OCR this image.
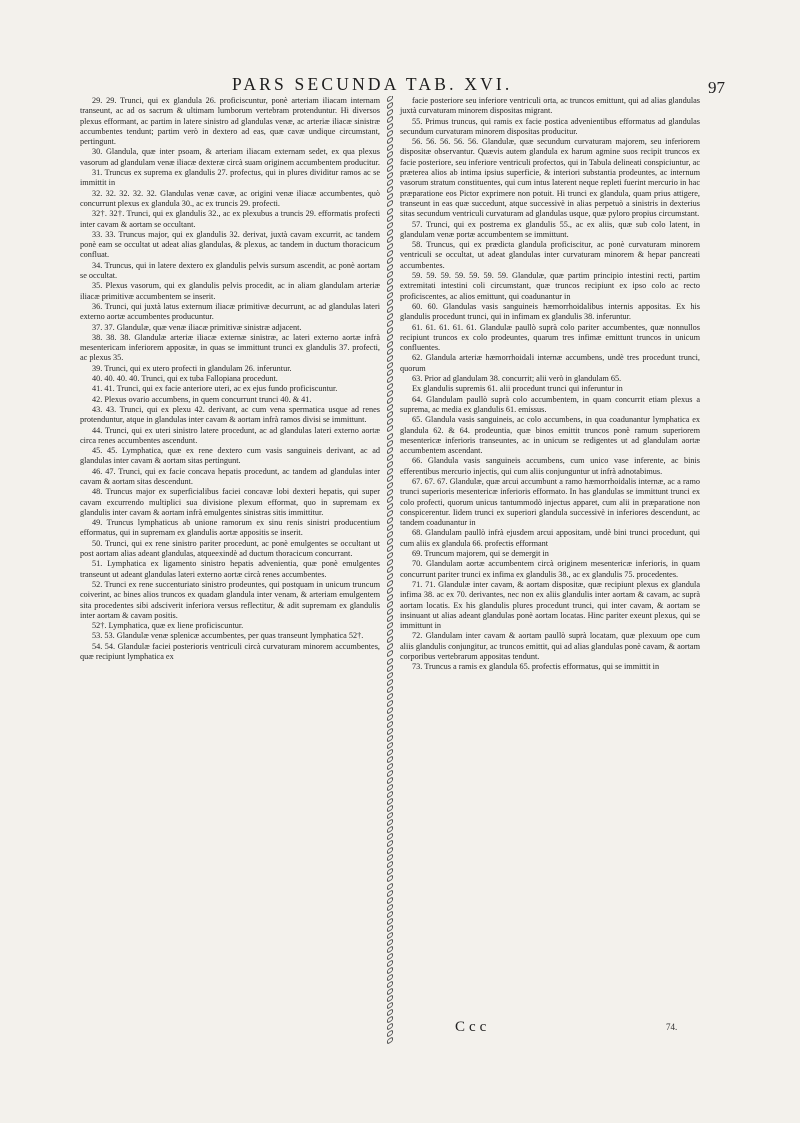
PARS SECUNDA TAB. XVI.	97

29. 29. Trunci, qui ex glandula 26. proficiscuntur, ponè arteriam iliacam internam transeunt, ac ad os sacrum & ultimam lumborum vertebram protenduntur. Hi diversos plexus efformant, ac partim in latere sinistro ad glandulas venæ, ac arteriæ iliacæ sinistræ accumbentes tendunt; partim verò in dextero ad eas, quæ cavæ undique circumstant, pertingunt.

30. Glandula, quæ inter psoam, & arteriam iliacam externam sedet, ex qua plexus vasorum ad glandulam venæ iliacæ dexteræ circà suam originem accumbentem producitur.

31. Truncus ex suprema ex glandulis 27. profectus, qui in plures dividitur ramos ac se immittit in

32. 32. 32. 32. 32. Glandulas venæ cavæ, ac origini venæ iliacæ accumbentes, quò concurrunt plexus ex glandula 30., ac ex truncis 29. profecti.

32†. 32†. Trunci, qui ex glandulis 32., ac ex plexubus a truncis 29. efformatis profecti inter cavam & aortam se occultant.

33. 33. Truncus major, qui ex glandulis 32. derivat, juxtà cavam excurrit, ac tandem ponè eam se occultat ut adeat alias glandulas, & plexus, ac tandem in ductum thoracicum confluat.

34. Truncus, qui in latere dextero ex glandulis pelvis sursum ascendit, ac ponè aortam se occultat.

35. Plexus vasorum, qui ex glandulis pelvis procedit, ac in aliam glandulam arteriæ iliacæ primitivæ accumbentem se inserit.

36. Trunci, qui juxtà latus externum iliacæ primitivæ decurrunt, ac ad glandulas lateri externo aortæ accumbentes producuntur.

37. 37. Glandulæ, quæ venæ iliacæ primitivæ sinistræ adjacent.

38. 38. 38. Glandulæ arteriæ iliacæ externæ sinistræ, ac lateri externo aortæ infrà mesentericam inferiorem appositæ, in quas se immittunt trunci ex glandulis 37. profecti, ac plexus 35.

39. Trunci, qui ex utero profecti in glandulam 26. inferuntur.

40. 40. 40. 40. Trunci, qui ex tuba Fallopiana procedunt.

41. 41. Trunci, qui ex facie anteriore uteri, ac ex ejus fundo proficiscuntur.

42. Plexus ovario accumbens, in quem concurrunt trunci 40. & 41.

43. 43. Trunci, qui ex plexu 42. derivant, ac cum vena spermatica usque ad renes protenduntur, atque in glandulas inter cavam & aortam infrà ramos divisi se immittunt.

44. Trunci, qui ex uteri sinistro latere procedunt, ac ad glandulas lateri externo aortæ circa renes accumbentes ascendunt.

45. 45. Lymphatica, quæ ex rene dextero cum vasis sanguineis derivant, ac ad glandulas inter cavam & aortam sitas pertingunt.

46. 47. Trunci, qui ex facie concava hepatis procedunt, ac tandem ad glandulas inter cavam & aortam sitas descendunt.

48. Truncus major ex superficialibus faciei concavæ lobi dexteri hepatis, qui super cavam excurrendo multiplici sua divisione plexum efformat, quo in supremam ex glandulis inter cavam & aortam infrà emulgentes sinistras sitis immittitur.

49. Truncus lymphaticus ab unione ramorum ex sinu renis sinistri producentium efformatus, qui in supremam ex glandulis aortæ appositis se inserit.

50. Trunci, qui ex rene sinistro pariter procedunt, ac ponè emulgentes se occultant ut post aortam alias adeant glandulas, atqueexindè ad ductum thoracicum concurrant.

51. Lymphatica ex ligamento sinistro hepatis advenientia, quæ ponè emulgentes transeunt ut adeant glandulas lateri externo aortæ circà renes accumbentes.

52. Trunci ex rene succenturiato sinistro prodeuntes, qui postquam in unicum truncum coiverint, ac bines alios truncos ex quadam glandula inter venam, & arteriam emulgentem sita procedentes sibi adsciverit inferiora versus reflectitur, & adit supremam ex glandulis inter aortam & cavam positis.

52†. Lymphatica, quæ ex liene proficiscuntur.

53. 53. Glandulæ venæ splenicæ accumbentes, per quas transeunt lymphatica 52†.

54. 54. Glandulæ faciei posterioris ventriculi circà curvaturam minorem accumbentes, quæ recipiunt lymphatica ex

facie posteriore seu inferiore ventriculi orta, ac truncos emittunt, qui ad alias glandulas juxtà curvaturam minorem dispositas migrant.

55. Primus truncus, qui ramis ex facie postica advenientibus efformatus ad glandulas secundum curvaturam minorem dispositas producitur.

56. 56. 56. 56. 56. Glandulæ, quæ secundum curvaturam majorem, seu inferiorem dispositæ observantur. Quævis autem glandula ex harum agmine suos recipit truncos ex facie posteriore, seu inferiore ventriculi profectos, qui in Tabula delineati conspiciuntur, ac præterea alios ab intima ipsius superficie, & interiori substantia prodeuntes, ac internum vasorum stratum constituentes, qui cum intus laterent neque repleti fuerint mercurio in hac præparatione eos Pictor exprimere non potuit. Hi trunci ex glandula, quam prius attigere, transeunt in eas quæ succedunt, atque successivè in alias perpetuò a sinistris in dexterius sitas secundum ventriculi curvaturam ad glandulas usque, quæ pyloro propius circumstant.

57. Trunci, qui ex postrema ex glandulis 55., ac ex aliis, quæ sub colo latent, in glandulam venæ portæ accumbentem se immittunt.

58. Truncus, qui ex prædicta glandula proficiscitur, ac ponè curvaturam minorem ventriculi se occultat, ut adeat glandulas inter curvaturam minorem & hepar pancreati accumbentes.

59. 59. 59. 59. 59. 59. 59. Glandulæ, quæ partim principio intestini recti, partim extremitati intestini coli circumstant, quæ truncos recipiunt ex ipso colo ac recto proficiscentes, ac alios emittunt, qui coadunantur in

60. 60. Glandulas vasis sanguineis hæmorrhoidalibus internis appositas. Ex his glandulis procedunt trunci, qui in infimam ex glandulis 38. inferuntur.

61. 61. 61. 61. 61. Glandulæ paullò suprà colo pariter accumbentes, quæ nonnullos recipiunt truncos ex colo prodeuntes, quarum tres infimæ emittunt truncos in unicum confluentes.

62. Glandula arteriæ hæmorrhoidali internæ accumbens, undè tres procedunt trunci, quorum

63. Prior ad glandulam 38. concurrit; alii verò in glandulam 65.

Ex glandulis supremis 61. alii procedunt trunci qui inferuntur in

64. Glandulam paullò suprà colo accumbentem, in quam concurrit etiam plexus a suprema, ac media ex glandulis 61. emissus.

65. Glandula vasis sanguineis, ac colo accumbens, in qua coadunantur lymphatica ex glandula 62. & 64. prodeuntia, quæ binos emittit truncos ponè ramum superiorem mesentericæ inferioris transeuntes, ac in unicum se redigentes ut ad glandulam aortæ accumbentem ascendant.

66. Glandula vasis sanguineis accumbens, cum unico vase inferente, ac binis efferentibus mercurio injectis, qui cum aliis conjunguntur ut infrà adnotabimus.

67. 67. 67. Glandulæ, quæ arcui accumbunt a ramo hæmorrhoidalis internæ, ac a ramo trunci superioris mesentericæ inferioris efformato. In has glandulas se immittunt trunci ex colo profecti, quorum unicus tantummodò injectus apparet, cum alii in præparatione non conspicerentur. Iidem trunci ex superiori glandula successivè in inferiores descendunt, ac tandem coadunantur in

68. Glandulam paullò infrà ejusdem arcui appositam, undè bini trunci procedunt, qui cum aliis ex glandula 66. profectis efformant

69. Truncum majorem, qui se demergit in

70. Glandulam aortæ accumbentem circà originem mesentericæ inferioris, in quam concurrunt pariter trunci ex infima ex glandulis 38., ac ex glandulis 75. procedentes.

71. 71. Glandulæ inter cavam, & aortam dispositæ, quæ recipiunt plexus ex glandula infima 38. ac ex 70. derivantes, nec non ex aliis glandulis inter aortam & cavam, ac suprà aortam locatis. Ex his glandulis plures procedunt trunci, qui inter cavam, & aortam se insinuant ut alias adeant glandulas ponè aortam locatas. Hinc pariter exeunt plexus, qui se immittunt in

72. Glandulam inter cavam & aortam paullò suprà locatam, quæ plexuum ope cum aliis glandulis conjungitur, ac truncos emittit, qui ad alias glandulas ponè cavam, & aortam corporibus vertebrarum appositas tendunt.

73. Truncus a ramis ex glandula 65. profectis efformatus, qui se immittit in

Ccc	74.
